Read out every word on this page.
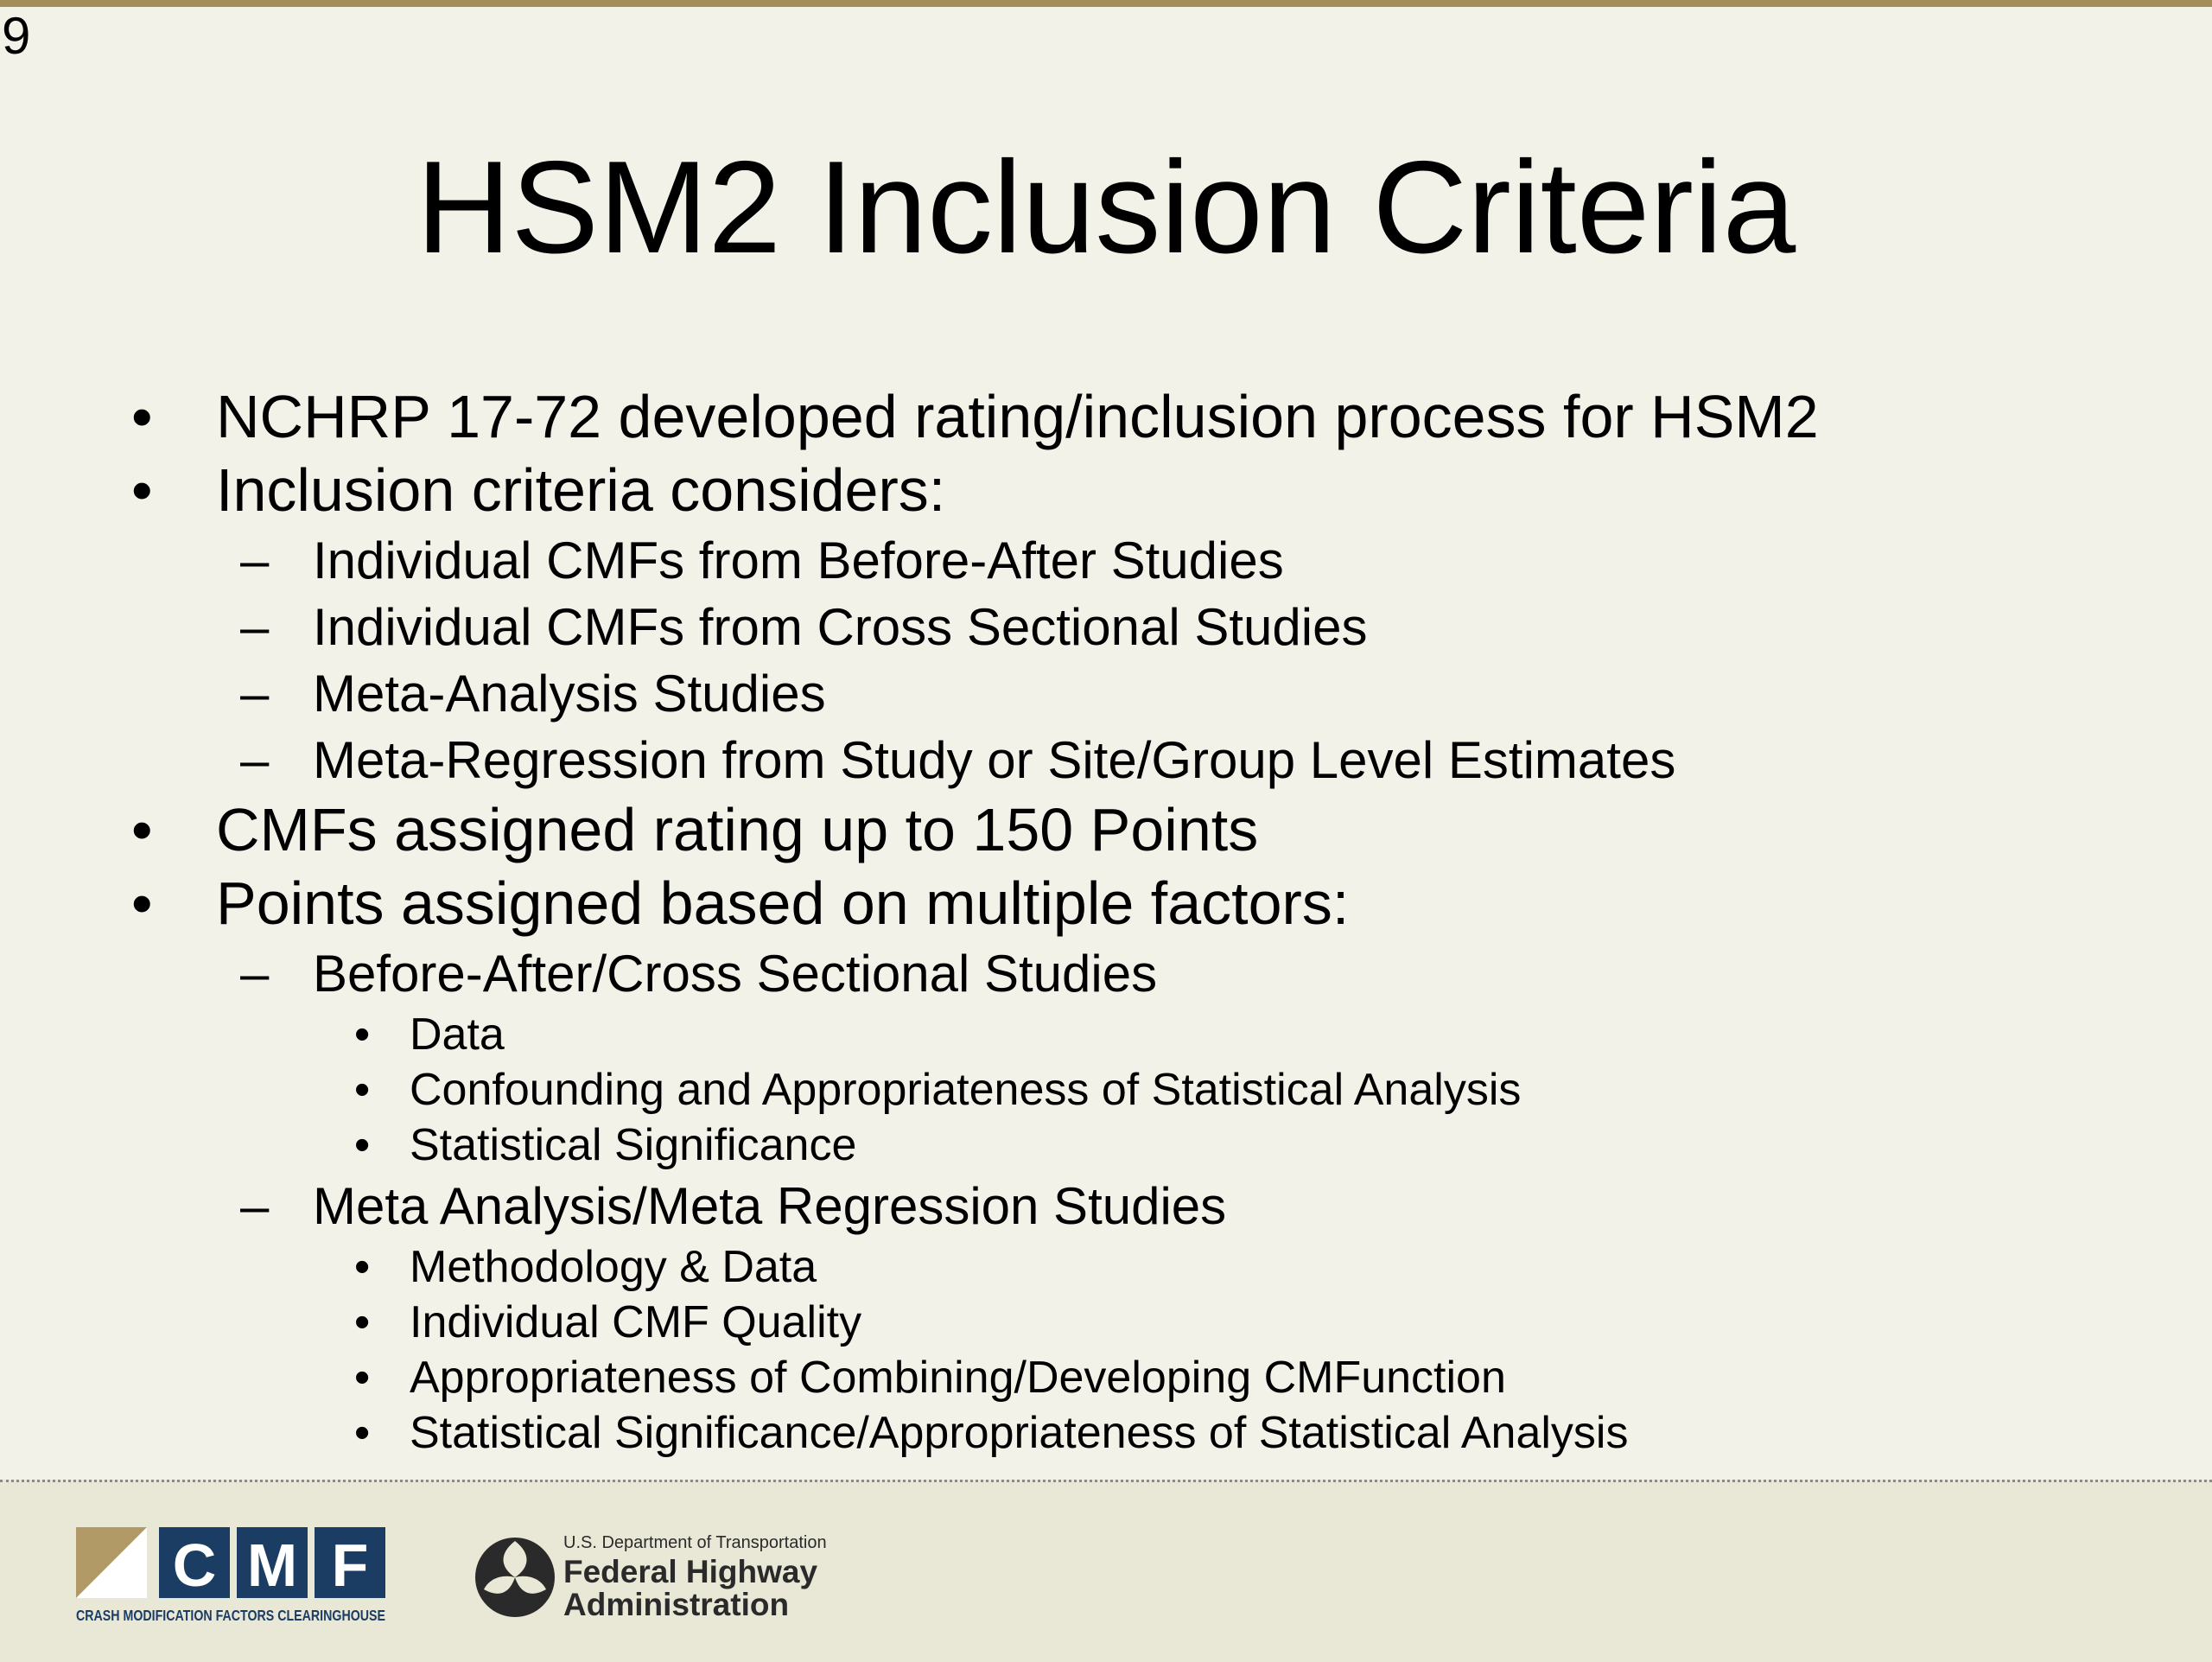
9
HSM2 Inclusion Criteria
• NCHRP 17-72 developed rating/inclusion process for HSM2
• Inclusion criteria considers:
– Individual CMFs from Before-After Studies
– Individual CMFs from Cross Sectional Studies
– Meta-Analysis Studies
– Meta-Regression from Study or Site/Group Level Estimates
• CMFs assigned rating up to 150 Points
• Points assigned based on multiple factors:
– Before-After/Cross Sectional Studies
• Data
• Confounding and Appropriateness of Statistical Analysis
• Statistical Significance
– Meta Analysis/Meta Regression Studies
• Methodology & Data
• Individual CMF Quality
• Appropriateness of Combining/Developing CMFunction
• Statistical Significance/Appropriateness of Statistical Analysis
C M F
CRASH MODIFICATION FACTORS CLEARINGHOUSE
U.S. Department of Transportation
Federal Highway
Administration
